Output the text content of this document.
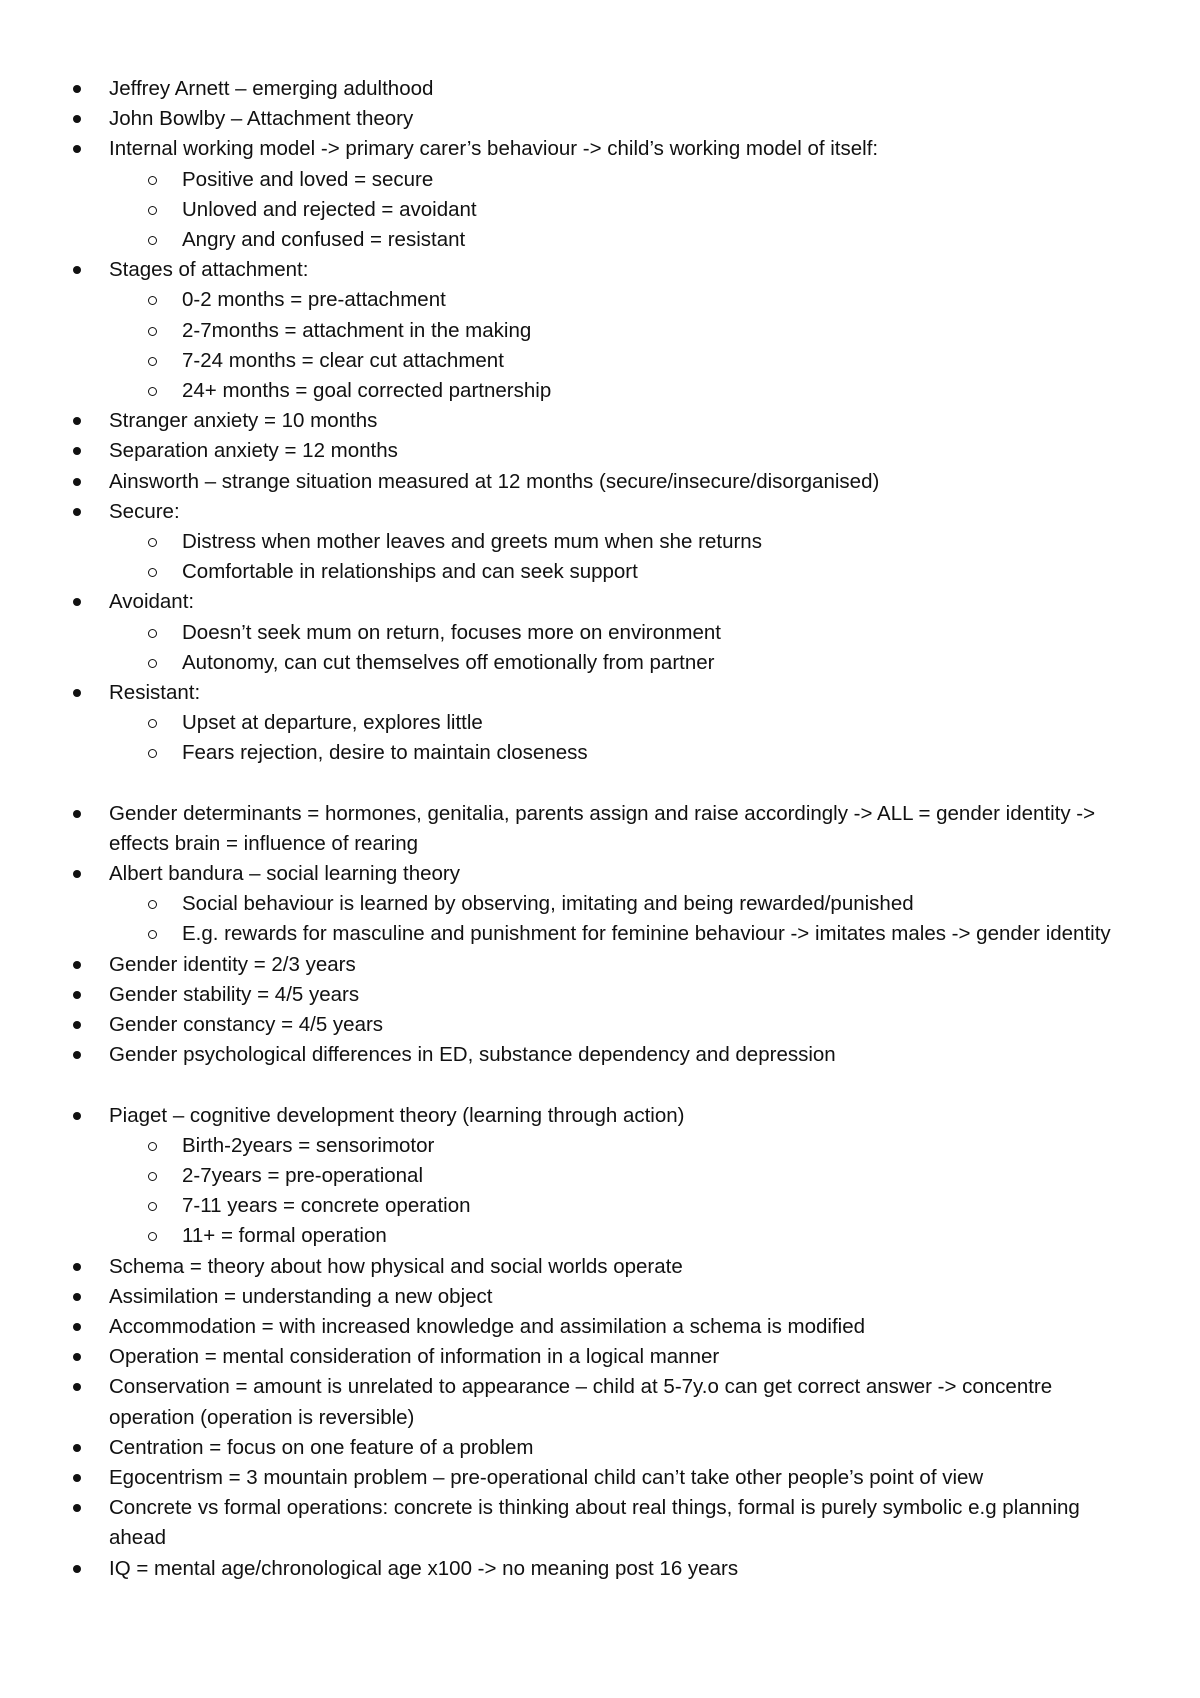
Jeffrey Arnett – emerging adulthood
John Bowlby – Attachment theory
Internal working model -> primary carer’s behaviour -> child’s working model of itself:
Positive and loved = secure
Unloved and rejected = avoidant
Angry and confused = resistant
Stages of attachment:
0-2 months = pre-attachment
2-7months = attachment in the making
7-24 months = clear cut attachment
24+ months = goal corrected partnership
Stranger anxiety = 10 months
Separation anxiety = 12 months
Ainsworth – strange situation measured at 12 months (secure/insecure/disorganised)
Secure:
Distress when mother leaves and greets mum when she returns
Comfortable in relationships and can seek support
Avoidant:
Doesn’t seek mum on return, focuses more on environment
Autonomy, can cut themselves off emotionally from partner
Resistant:
Upset at departure, explores little
Fears rejection, desire to maintain closeness
Gender determinants = hormones, genitalia, parents assign and raise accordingly -> ALL = gender identity -> effects brain = influence of rearing
Albert bandura – social learning theory
Social behaviour is learned by observing, imitating and being rewarded/punished
E.g. rewards for masculine and punishment for feminine behaviour -> imitates males -> gender identity
Gender identity = 2/3 years
Gender stability = 4/5 years
Gender constancy = 4/5 years
Gender psychological differences in ED, substance dependency and depression
Piaget – cognitive development theory (learning through action)
Birth-2years = sensorimotor
2-7years = pre-operational
7-11 years = concrete operation
11+ = formal operation
Schema = theory about how physical and social worlds operate
Assimilation = understanding a new object
Accommodation = with increased knowledge and assimilation a schema is modified
Operation = mental consideration of information in a logical manner
Conservation = amount is unrelated to appearance – child at 5-7y.o can get correct answer -> concentre operation (operation is reversible)
Centration = focus on one feature of a problem
Egocentrism = 3 mountain problem – pre-operational child can’t take other people’s point of view
Concrete vs formal operations: concrete is thinking about real things, formal is purely symbolic e.g planning ahead
IQ = mental age/chronological age x100 -> no meaning post 16 years
